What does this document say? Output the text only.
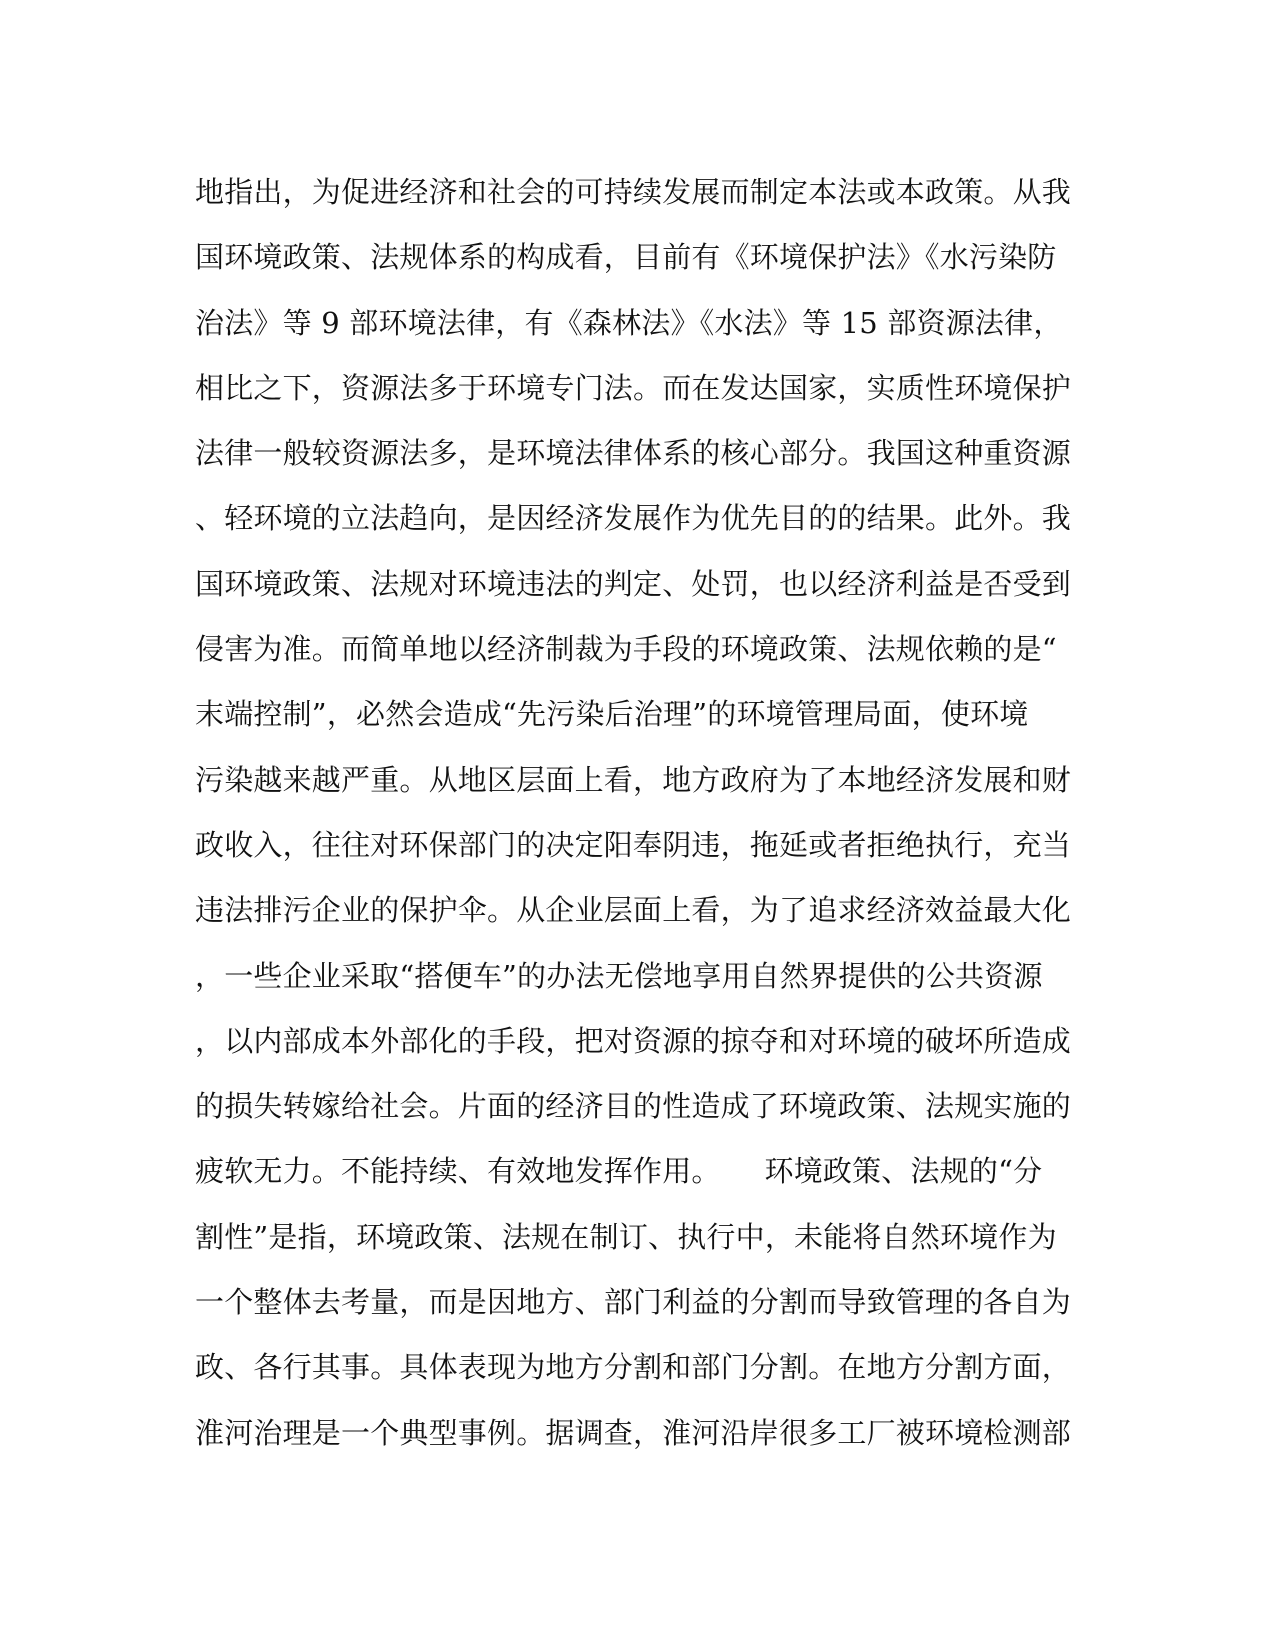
地指出，为促进经济和社会的可持续发展而制定本法或本政策。从我
国环境政策、法规体系的构成看，目前有《环境保护法》《水污染防
治法》等 9 部环境法律，有《森林法》《水法》等 15 部资源法律，
相比之下，资源法多于环境专门法。而在发达国家，实质性环境保护
法律一般较资源法多，是环境法律体系的核心部分。我国这种重资源
、轻环境的立法趋向，是因经济发展作为优先目的的结果。此外。我
国环境政策、法规对环境违法的判定、处罚，也以经济利益是否受到
侵害为准。而简单地以经济制裁为手段的环境政策、法规依赖的是“
末端控制”，必然会造成“先污染后治理”的环境管理局面，使环境
污染越来越严重。从地区层面上看，地方政府为了本地经济发展和财
政收入，往往对环保部门的决定阳奉阴违，拖延或者拒绝执行，充当
违法排污企业的保护伞。从企业层面上看，为了追求经济效益最大化
，一些企业采取“搭便车”的办法无偿地享用自然界提供的公共资源
，以内部成本外部化的手段，把对资源的掠夺和对环境的破坏所造成
的损失转嫁给社会。片面的经济目的性造成了环境政策、法规实施的
疲软无力。不能持续、有效地发挥作用。　　环境政策、法规的“分
割性”是指，环境政策、法规在制订、执行中，未能将自然环境作为
一个整体去考量，而是因地方、部门利益的分割而导致管理的各自为
政、各行其事。具体表现为地方分割和部门分割。在地方分割方面，
淮河治理是一个典型事例。据调查，淮河沿岸很多工厂被环境检测部
